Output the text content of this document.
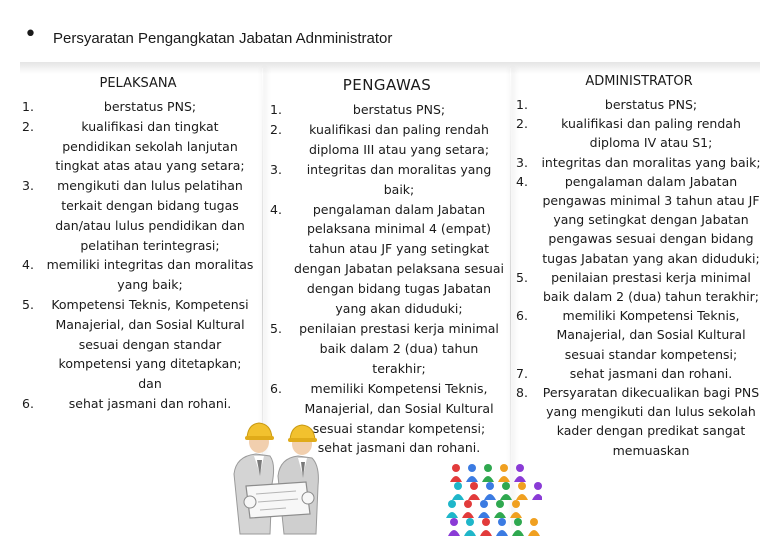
• Persyaratan Pengangkatan Jabatan Adnministrator
PELAKSANA
1.	berstatus PNS;
2.	kualifikasi dan tingkat pendidikan sekolah lanjutan tingkat atas atau yang setara;
3. mengikuti dan lulus pelatihan terkait dengan bidang tugas dan/atau lulus pendidikan dan pelatihan terintegrasi;
4. memiliki integritas dan moralitas yang baik;
5. Kompetensi Teknis, Kompetensi Manajerial, dan Sosial Kultural sesuai dengan standar kompetensi yang ditetapkan; dan
6.	sehat jasmani dan rohani.
PENGAWAS
1.	berstatus PNS;
2. kualifikasi dan paling rendah diploma III atau yang setara;
3. integritas dan moralitas yang baik;
4. pengalaman dalam Jabatan pelaksana minimal 4 (empat) tahun atau JF yang setingkat dengan Jabatan pelaksana sesuai dengan bidang tugas Jabatan yang akan diduduki;
5. penilaian prestasi kerja minimal baik dalam 2 (dua) tahun terakhir;
6. memiliki Kompetensi Teknis, Manajerial, dan Sosial Kultural sesuai standar kompetensi; sehat jasmani dan rohani.
ADMINISTRATOR
1.	berstatus PNS;
2.	kualifikasi dan paling rendah diploma IV atau S1;
3. integritas dan moralitas yang baik;
4.	pengalaman dalam Jabatan pengawas minimal 3 tahun atau JF yang setingkat dengan Jabatan pengawas sesuai dengan bidang tugas Jabatan yang akan diduduki;
5. penilaian prestasi kerja minimal baik dalam 2 (dua) tahun terakhir;
6.	memiliki Kompetensi Teknis, Manajerial, dan Sosial Kultural sesuai standar kompetensi;
7.	sehat jasmani dan rohani.
8. Persyaratan dikecualikan bagi PNS yang mengikuti dan lulus sekolah kader dengan predikat sangat memuaskan
